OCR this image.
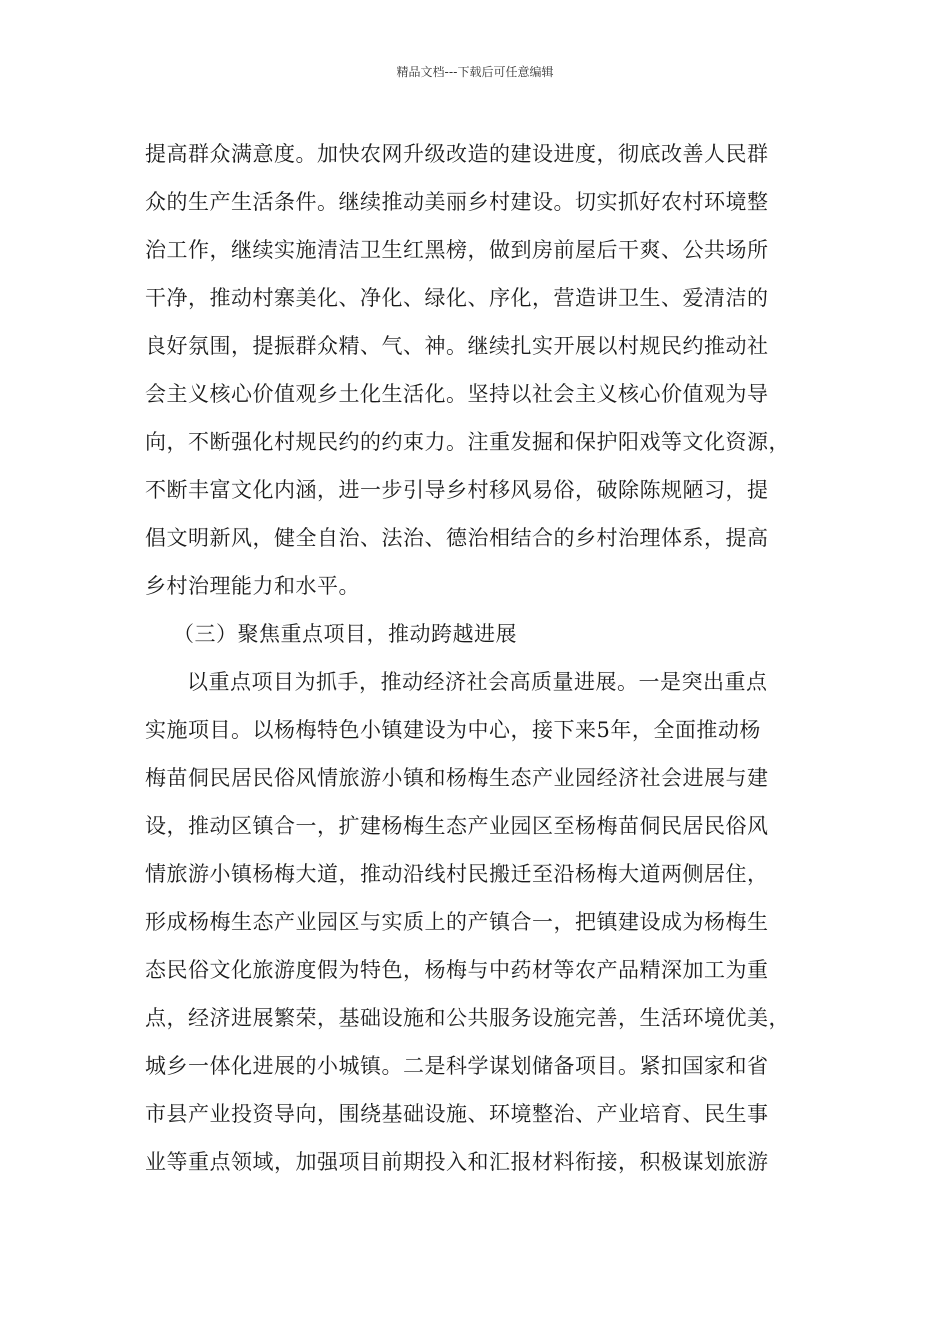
精品文档---下载后可任意编辑
提高群众满意度。加快农网升级改造的建设进度，彻底改善人民群
众的生产生活条件。继续推动美丽乡村建设。切实抓好农村环境整
治工作，继续实施清洁卫生红黑榜，做到房前屋后干爽、公共场所
干净，推动村寨美化、净化、绿化、序化，营造讲卫生、爱清洁的
良好氛围，提振群众精、气、神。继续扎实开展以村规民约推动社
会主义核心价值观乡土化生活化。坚持以社会主义核心价值观为导
向，不断强化村规民约的约束力。注重发掘和保护阳戏等文化资源，
不断丰富文化内涵，进一步引导乡村移风易俗，破除陈规陋习，提
倡文明新风，健全自治、法治、德治相结合的乡村治理体系，提高
乡村治理能力和水平。
（三）聚焦重点项目，推动跨越进展
以重点项目为抓手，推动经济社会高质量进展。一是突出重点
实施项目。以杨梅特色小镇建设为中心，接下来5年，全面推动杨
梅苗侗民居民俗风情旅游小镇和杨梅生态产业园经济社会进展与建
设，推动区镇合一，扩建杨梅生态产业园区至杨梅苗侗民居民俗风
情旅游小镇杨梅大道，推动沿线村民搬迁至沿杨梅大道两侧居住，
形成杨梅生态产业园区与实质上的产镇合一，把镇建设成为杨梅生
态民俗文化旅游度假为特色，杨梅与中药材等农产品精深加工为重
点，经济进展繁荣，基础设施和公共服务设施完善，生活环境优美，
城乡一体化进展的小城镇。二是科学谋划储备项目。紧扣国家和省
市县产业投资导向，围绕基础设施、环境整治、产业培育、民生事
业等重点领域，加强项目前期投入和汇报材料衔接，积极谋划旅游
